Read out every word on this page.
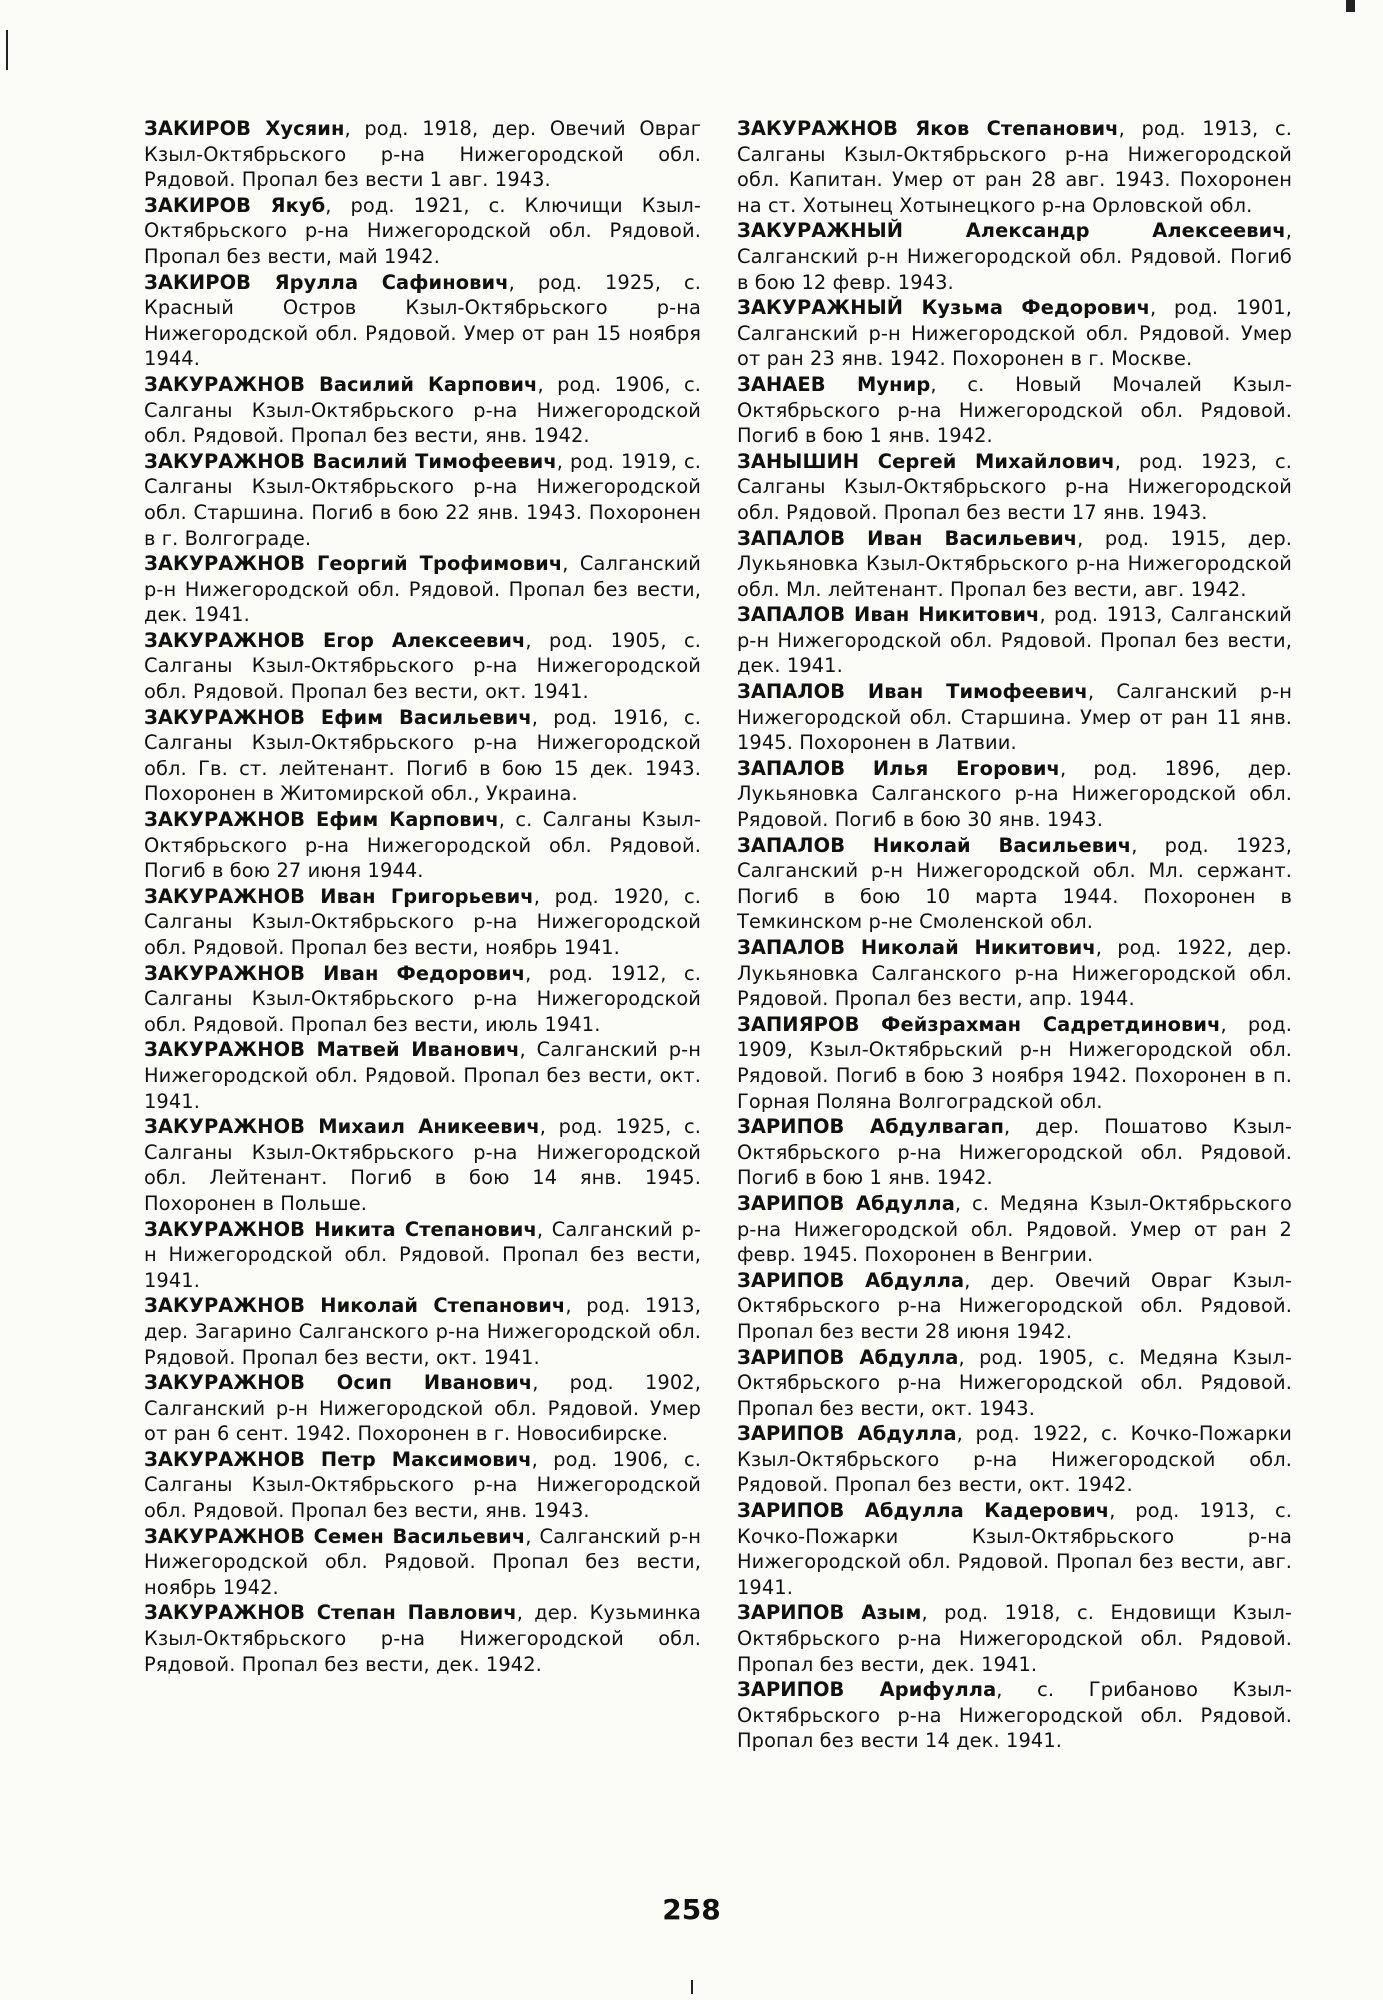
ЗАКИРОВ Хусяин, род. 1918, дер. Овечий Овраг Кзыл-Октябрьского р-на Нижегородской обл. Рядовой. Пропал без вести 1 авг. 1943.

ЗАКИРОВ Якуб, род. 1921, с. Ключищи Кзыл-Октябрьского р-на Нижегородской обл. Рядовой. Пропал без вести, май 1942.

ЗАКИРОВ Ярулла Сафинович, род. 1925, с. Красный Остров Кзыл-Октябрьского р-на Нижегородской обл. Рядовой. Умер от ран 15 ноября 1944.

ЗАКУРАЖНОВ Василий Карпович, род. 1906, с. Салганы Кзыл-Октябрьского р-на Нижегородской обл. Рядовой. Пропал без вести, янв. 1942.

ЗАКУРАЖНОВ Василий Тимофеевич, род. 1919, с. Салганы Кзыл-Октябрьского р-на Нижегородской обл. Старшина. Погиб в бою 22 янв. 1943. Похоронен в г. Волгограде.

ЗАКУРАЖНОВ Георгий Трофимович, Салганский р-н Нижегородской обл. Рядовой. Пропал без вести, дек. 1941.

ЗАКУРАЖНОВ Егор Алексеевич, род. 1905, с. Салганы Кзыл-Октябрьского р-на Нижегородской обл. Рядовой. Пропал без вести, окт. 1941.

ЗАКУРАЖНОВ Ефим Васильевич, род. 1916, с. Салганы Кзыл-Октябрьского р-на Нижегородской обл. Гв. ст. лейтенант. Погиб в бою 15 дек. 1943. Похоронен в Житомирской обл., Украина.

ЗАКУРАЖНОВ Ефим Карпович, с. Салганы Кзыл-Октябрьского р-на Нижегородской обл. Рядовой. Погиб в бою 27 июня 1944.

ЗАКУРАЖНОВ Иван Григорьевич, род. 1920, с. Салганы Кзыл-Октябрьского р-на Нижегородской обл. Рядовой. Пропал без вести, ноябрь 1941.

ЗАКУРАЖНОВ Иван Федорович, род. 1912, с. Салганы Кзыл-Октябрьского р-на Нижегородской обл. Рядовой. Пропал без вести, июль 1941.

ЗАКУРАЖНОВ Матвей Иванович, Салганский р-н Нижегородской обл. Рядовой. Пропал без вести, окт. 1941.

ЗАКУРАЖНОВ Михаил Аникеевич, род. 1925, с. Салганы Кзыл-Октябрьского р-на Нижегородской обл. Лейтенант. Погиб в бою 14 янв. 1945. Похоронен в Польше.

ЗАКУРАЖНОВ Никита Степанович, Салганский р-н Нижегородской обл. Рядовой. Пропал без вести, 1941.

ЗАКУРАЖНОВ Николай Степанович, род. 1913, дер. Загарино Салганского р-на Нижегородской обл. Рядовой. Пропал без вести, окт. 1941.

ЗАКУРАЖНОВ Осип Иванович, род. 1902, Салганский р-н Нижегородской обл. Рядовой. Умер от ран 6 сент. 1942. Похоронен в г. Новосибирске.

ЗАКУРАЖНОВ Петр Максимович, род. 1906, с. Салганы Кзыл-Октябрьского р-на Нижегородской обл. Рядовой. Пропал без вести, янв. 1943.

ЗАКУРАЖНОВ Семен Васильевич, Салганский р-н Нижегородской обл. Рядовой. Пропал без вести, ноябрь 1942.

ЗАКУРАЖНОВ Степан Павлович, дер. Кузьминка Кзыл-Октябрьского р-на Нижегородской обл. Рядовой. Пропал без вести, дек. 1942.

ЗАКУРАЖНОВ Яков Степанович, род. 1913, с. Салганы Кзыл-Октябрьского р-на Нижегородской обл. Капитан. Умер от ран 28 авг. 1943. Похоронен на ст. Хотынец Хотынецкого р-на Орловской обл.

ЗАКУРАЖНЫЙ Александр Алексеевич, Салганский р-н Нижегородской обл. Рядовой. Погиб в бою 12 февр. 1943.

ЗАКУРАЖНЫЙ Кузьма Федорович, род. 1901, Салганский р-н Нижегородской обл. Рядовой. Умер от ран 23 янв. 1942. Похоронен в г. Москве.

ЗАНАЕВ Мунир, с. Новый Мочалей Кзыл-Октябрьского р-на Нижегородской обл. Рядовой. Погиб в бою 1 янв. 1942.

ЗАНЫШИН Сергей Михайлович, род. 1923, с. Салганы Кзыл-Октябрьского р-на Нижегородской обл. Рядовой. Пропал без вести 17 янв. 1943.

ЗАПАЛОВ Иван Васильевич, род. 1915, дер. Лукьяновка Кзыл-Октябрьского р-на Нижегородской обл. Мл. лейтенант. Пропал без вести, авг. 1942.

ЗАПАЛОВ Иван Никитович, род. 1913, Салганский р-н Нижегородской обл. Рядовой. Пропал без вести, дек. 1941.

ЗАПАЛОВ Иван Тимофеевич, Салганский р-н Нижегородской обл. Старшина. Умер от ран 11 янв. 1945. Похоронен в Латвии.

ЗАПАЛОВ Илья Егорович, род. 1896, дер. Лукьяновка Салганского р-на Нижегородской обл. Рядовой. Погиб в бою 30 янв. 1943.

ЗАПАЛОВ Николай Васильевич, род. 1923, Салганский р-н Нижегородской обл. Мл. сержант. Погиб в бою 10 марта 1944. Похоронен в Темкинском р-не Смоленской обл.

ЗАПАЛОВ Николай Никитович, род. 1922, дер. Лукьяновка Салганского р-на Нижегородской обл. Рядовой. Пропал без вести, апр. 1944.

ЗАПИЯРОВ Фейзрахман Садретдинович, род. 1909, Кзыл-Октябрьский р-н Нижегородской обл. Рядовой. Погиб в бою 3 ноября 1942. Похоронен в п. Горная Поляна Волгоградской обл.

ЗАРИПОВ Абдулвагап, дер. Пошатово Кзыл-Октябрьского р-на Нижегородской обл. Рядовой. Погиб в бою 1 янв. 1942.

ЗАРИПОВ Абдулла, с. Медяна Кзыл-Октябрьского р-на Нижегородской обл. Рядовой. Умер от ран 2 февр. 1945. Похоронен в Венгрии.

ЗАРИПОВ Абдулла, дер. Овечий Овраг Кзыл-Октябрьского р-на Нижегородской обл. Рядовой. Пропал без вести 28 июня 1942.

ЗАРИПОВ Абдулла, род. 1905, с. Медяна Кзыл-Октябрьского р-на Нижегородской обл. Рядовой. Пропал без вести, окт. 1943.

ЗАРИПОВ Абдулла, род. 1922, с. Кочко-Пожарки Кзыл-Октябрьского р-на Нижегородской обл. Рядовой. Пропал без вести, окт. 1942.

ЗАРИПОВ Абдулла Кадерович, род. 1913, с. Кочко-Пожарки Кзыл-Октябрьского р-на Нижегородской обл. Рядовой. Пропал без вести, авг. 1941.

ЗАРИПОВ Азым, род. 1918, с. Ендовищи Кзыл-Октябрьского р-на Нижегородской обл. Рядовой. Пропал без вести, дек. 1941.

ЗАРИПОВ Арифулла, с. Грибаново Кзыл-Октябрьского р-на Нижегородской обл. Рядовой. Пропал без вести 14 дек. 1941.

258
